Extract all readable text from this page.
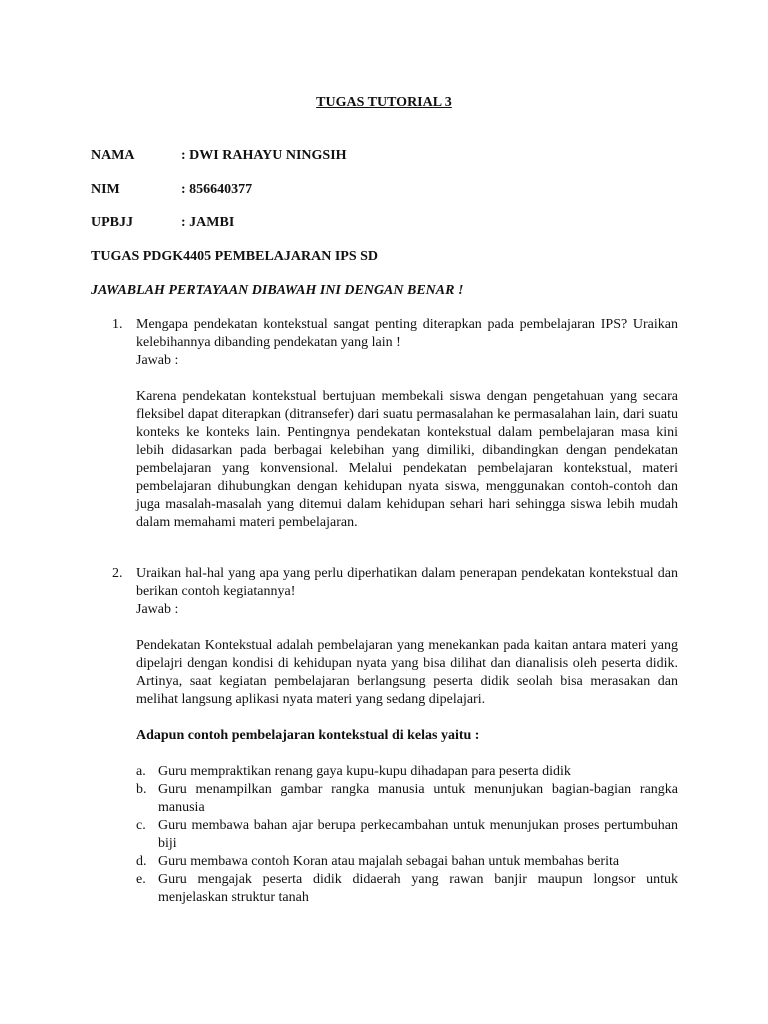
TUGAS TUTORIAL 3
NAMA	: DWI RAHAYU NINGSIH
NIM	: 856640377
UPBJJ	: JAMBI
TUGAS PDGK4405 PEMBELAJARAN IPS SD
JAWABLAH PERTAYAAN DIBAWAH INI DENGAN BENAR !
1. Mengapa pendekatan kontekstual sangat penting diterapkan pada pembelajaran IPS? Uraikan kelebihannya dibanding pendekatan yang lain !

Jawab :

Karena pendekatan kontekstual bertujuan membekali siswa dengan pengetahuan yang secara fleksibel dapat diterapkan (ditransefer) dari suatu permasalahan ke permasalahan lain, dari suatu konteks ke konteks lain. Pentingnya pendekatan kontekstual dalam pembelajaran masa kini lebih didasarkan pada berbagai kelebihan yang dimiliki, dibandingkan dengan pendekatan pembelajaran yang konvensional. Melalui pendekatan pembelajaran kontekstual, materi pembelajaran dihubungkan dengan kehidupan nyata siswa, menggunakan contoh-contoh dan juga masalah-masalah yang ditemui dalam kehidupan sehari hari sehingga siswa lebih mudah dalam memahami materi pembelajaran.

2. Uraikan hal-hal yang apa yang perlu diperhatikan dalam penerapan pendekatan kontekstual dan berikan contoh kegiatannya!

Jawab :

Pendekatan Kontekstual adalah pembelajaran yang menekankan pada kaitan antara materi yang dipelajri dengan kondisi di kehidupan nyata yang bisa dilihat dan dianalisis oleh peserta didik. Artinya, saat kegiatan pembelajaran berlangsung peserta didik seolah bisa merasakan dan melihat langsung aplikasi nyata materi yang sedang dipelajari.

Adapun contoh pembelajaran kontekstual di kelas yaitu :

a. Guru mempraktikan renang gaya kupu-kupu dihadapan para peserta didik
b. Guru menampilkan gambar rangka manusia untuk menunjukan bagian-bagian rangka manusia
c. Guru membawa bahan ajar berupa perkecambahan untuk menunjukan proses pertumbuhan biji
d. Guru membawa contoh Koran atau majalah sebagai bahan untuk membahas berita
e. Guru mengajak peserta didik didaerah yang rawan banjir maupun longsor untuk menjelaskan struktur tanah
